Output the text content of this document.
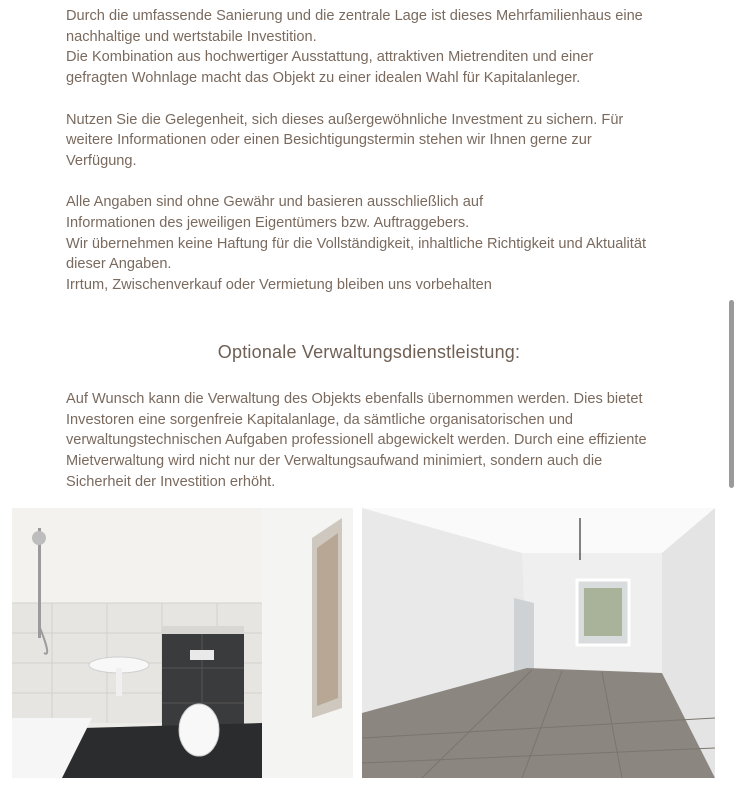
Durch die umfassende Sanierung und die zentrale Lage ist dieses Mehrfamilienhaus eine
nachhaltige und wertstabile Investition.
Die Kombination aus hochwertiger Ausstattung, attraktiven Mietrenditen und einer
gefragten Wohnlage macht das Objekt zu einer idealen Wahl für Kapitalanleger.
Nutzen Sie die Gelegenheit, sich dieses außergewöhnliche Investment zu sichern. Für
weitere Informationen oder einen Besichtigungstermin stehen wir Ihnen gerne zur
Verfügung.
Alle Angaben sind ohne Gewähr und basieren ausschließlich auf
Informationen des jeweiligen Eigentümers bzw. Auftraggebers.
Wir übernehmen keine Haftung für die Vollständigkeit, inhaltliche Richtigkeit und Aktualität
dieser Angaben.
Irrtum, Zwischenverkauf oder Vermietung bleiben uns vorbehalten

Optionale Verwaltungsdienstleistung:

Auf Wunsch kann die Verwaltung des Objekts ebenfalls übernommen werden. Dies bietet
Investoren eine sorgenfreie Kapitalanlage, da sämtliche organisatorischen und
verwaltungstechnischen Aufgaben professionell abgewickelt werden. Durch eine effiziente
Mietverwaltung wird nicht nur der Verwaltungsaufwand minimiert, sondern auch die
Sicherheit der Investition erhöht.
